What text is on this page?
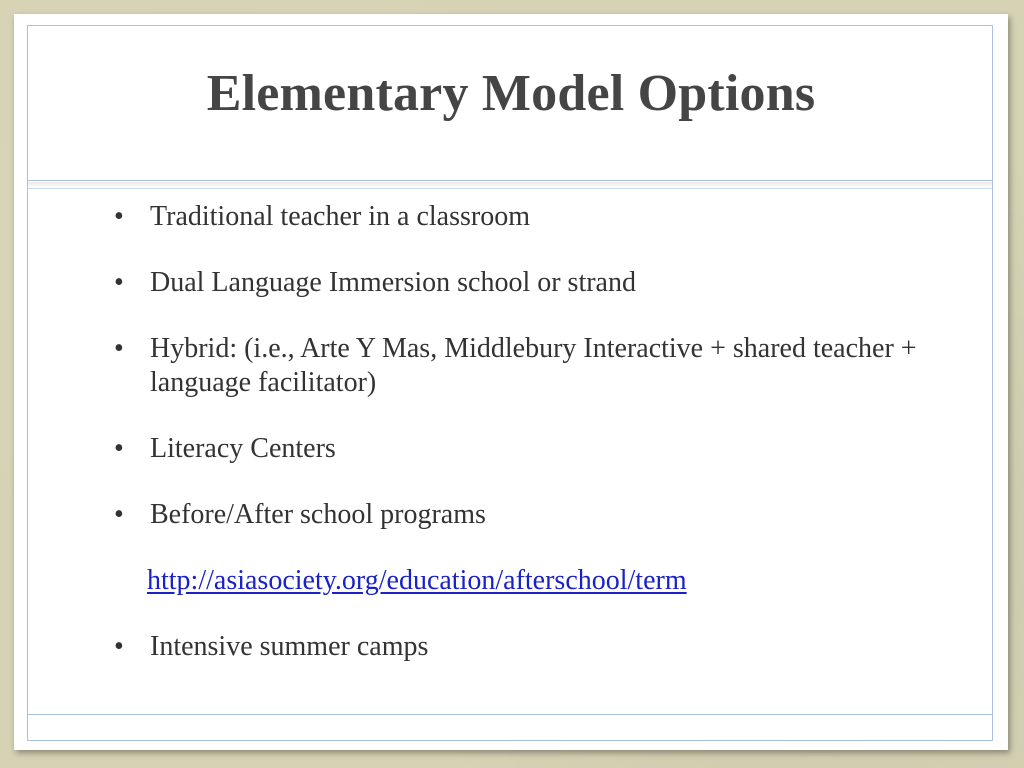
Elementary Model Options
• Traditional teacher in a classroom
• Dual Language Immersion school or strand
• Hybrid: (i.e., Arte Y Mas, Middlebury Interactive + shared teacher + language facilitator)
• Literacy Centers
• Before/After school programs
http://asiasociety.org/education/afterschool/term
• Intensive summer camps
